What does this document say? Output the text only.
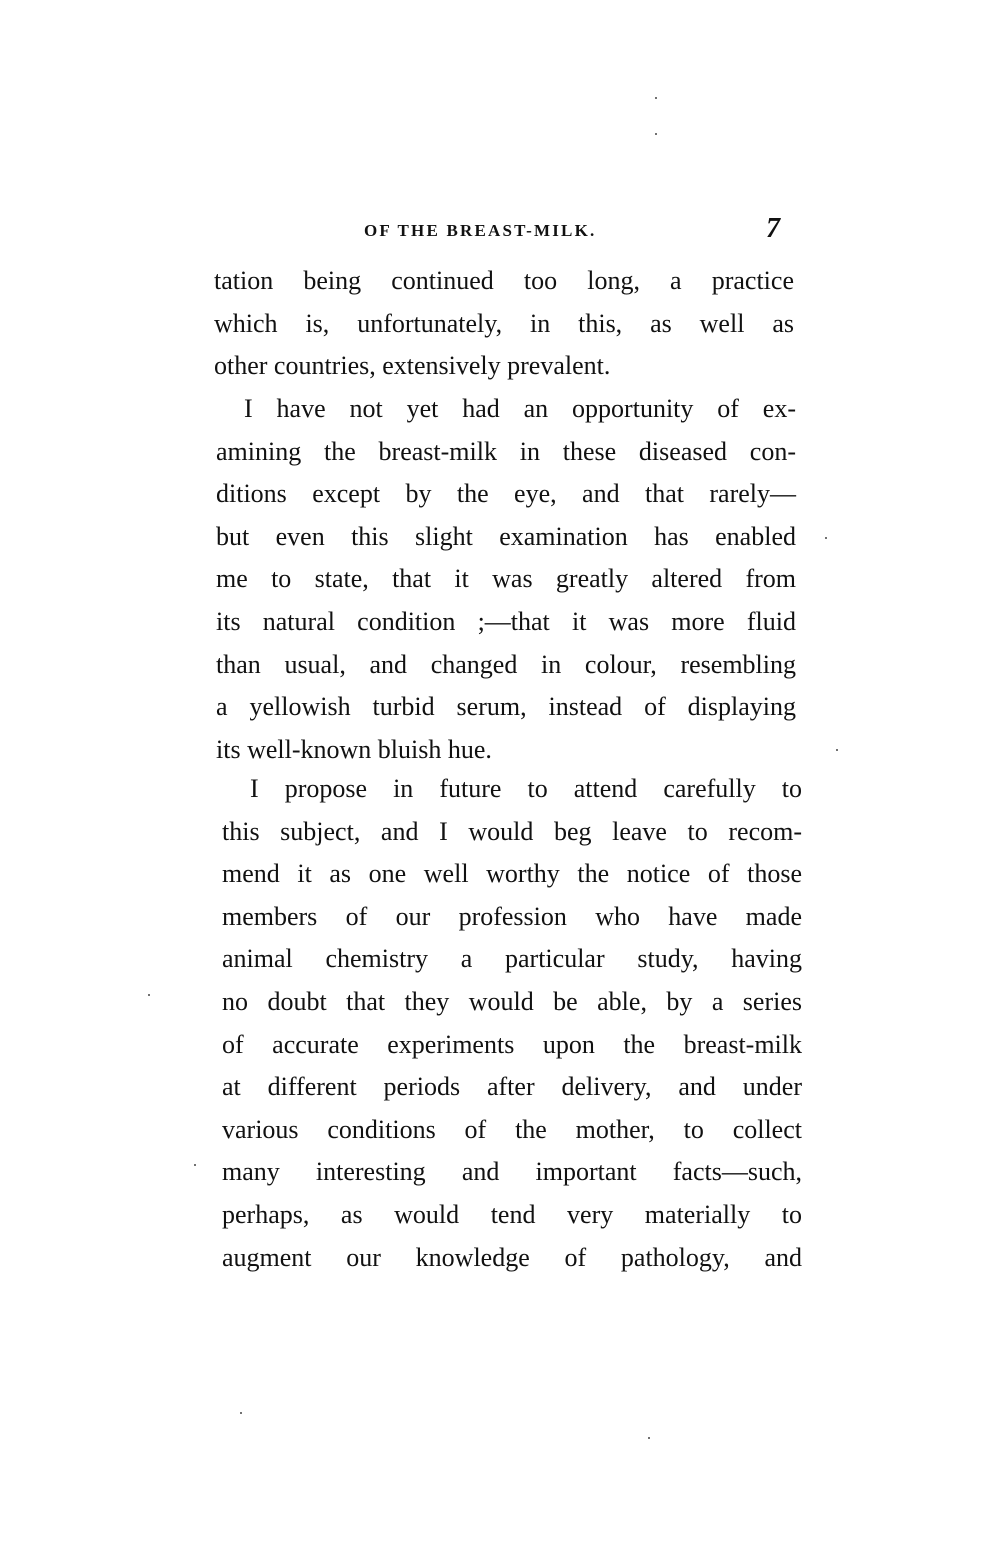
OF THE BREAST-MILK.	7
tation being continued too long, a practice
which is, unfortunately, in this, as well as
other countries, extensively prevalent.
I have not yet had an opportunity of ex-
amining the breast-milk in these diseased con-
ditions except by the eye, and that rarely—
but even this slight examination has enabled
me to state, that it was greatly altered from
its natural condition ;—that it was more fluid
than usual, and changed in colour, resembling
a yellowish turbid serum, instead of displaying
its well-known bluish hue.
I propose in future to attend carefully to
this subject, and I would beg leave to recom-
mend it as one well worthy the notice of those
members of our profession who have made
animal chemistry a particular study, having
no doubt that they would be able, by a series
of accurate experiments upon the breast-milk
at different periods after delivery, and under
various conditions of the mother, to collect
many interesting and important facts—such,
perhaps, as would tend very materially to
augment our knowledge of pathology, and
